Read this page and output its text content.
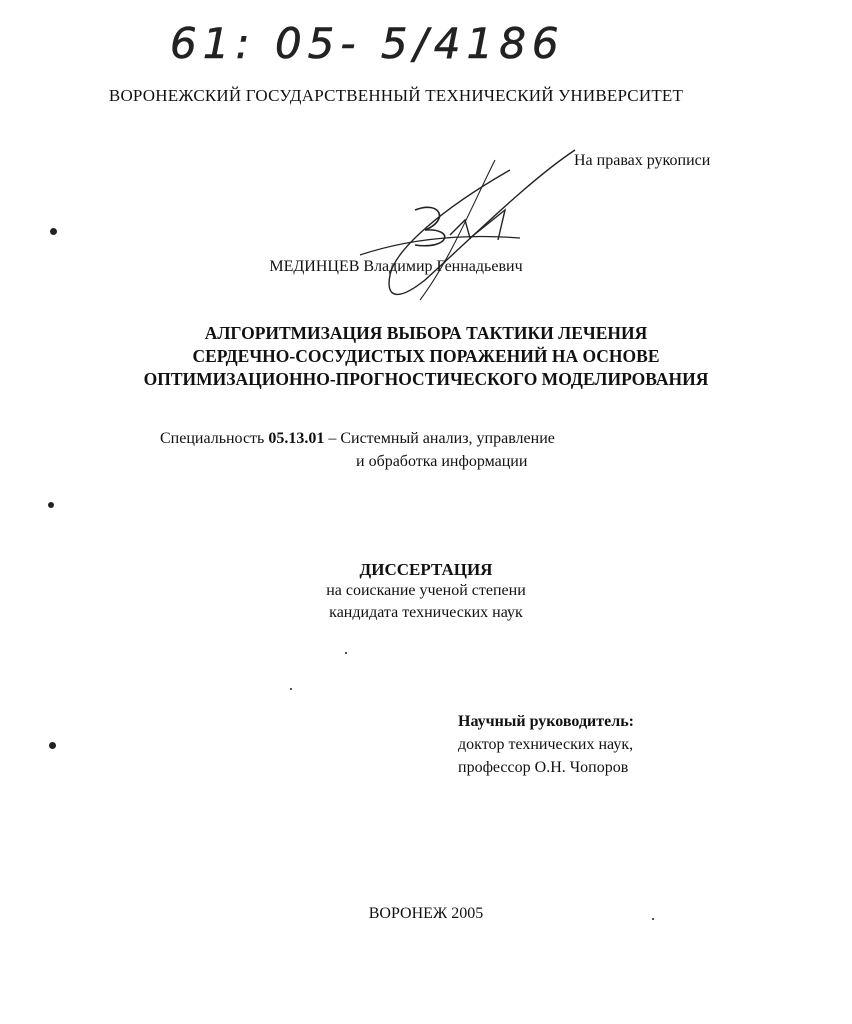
61: 05- 5/4186
ВОРОНЕЖСКИЙ ГОСУДАРСТВЕННЫЙ ТЕХНИЧЕСКИЙ УНИВЕРСИТЕТ
На правах рукописи
МЕДИНЦЕВ Владимир Геннадьевич
АЛГОРИТМИЗАЦИЯ ВЫБОРА ТАКТИКИ ЛЕЧЕНИЯ
СЕРДЕЧНО-СОСУДИСТЫХ ПОРАЖЕНИЙ НА ОСНОВЕ
ОПТИМИЗАЦИОННО-ПРОГНОСТИЧЕСКОГО МОДЕЛИРОВАНИЯ
Специальность 05.13.01 – Системный анализ, управление
и обработка информации
ДИССЕРТАЦИЯ
на соискание ученой степени
кандидата технических наук
Научный руководитель:
доктор технических наук,
профессор О.Н. Чопоров
ВОРОНЕЖ 2005
